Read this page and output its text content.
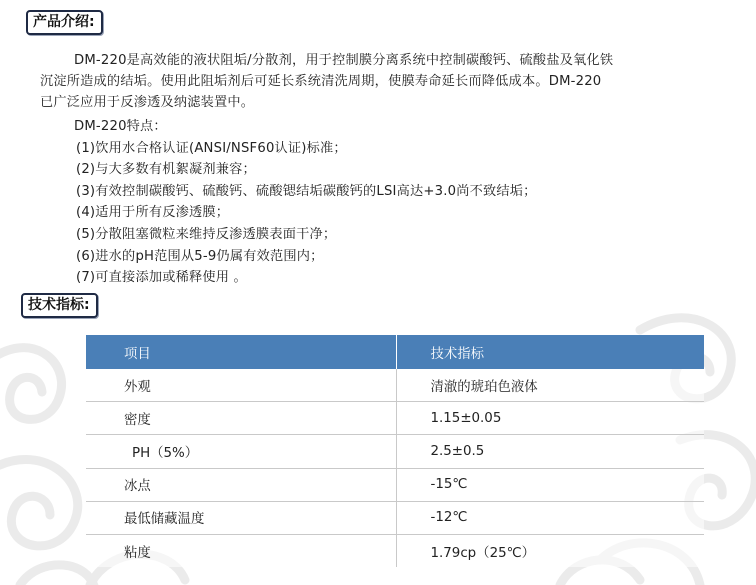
产品介绍:
DM-220是高效能的液状阻垢/分散剂，用于控制膜分离系统中控制碳酸钙、硫酸盐及氧化铁
沉淀所造成的结垢。使用此阻垢剂后可延长系统清洗周期，使膜寿命延长而降低成本。DM-220
已广泛应用于反渗透及纳滤装置中。
DM-220特点：
(1)饮用水合格认证(ANSI/NSF60认证)标准；
(2)与大多数有机絮凝剂兼容；
(3)有效控制碳酸钙、硫酸钙、硫酸锶结垢碳酸钙的LSI高达+3.0尚不致结垢；
(4)适用于所有反渗透膜；
(5)分散阻塞微粒来维持反渗透膜表面干净；
(6)进水的pH范围从5-9仍属有效范围内；
(7)可直接添加或稀释使用 。
技术指标:
项目	技术指标
外观	清澈的琥珀色液体
密度	1.15±0.05
PH（5%）	2.5±0.5
冰点	-15℃
最低储藏温度	-12℃
粘度	1.79cp（25℃）
